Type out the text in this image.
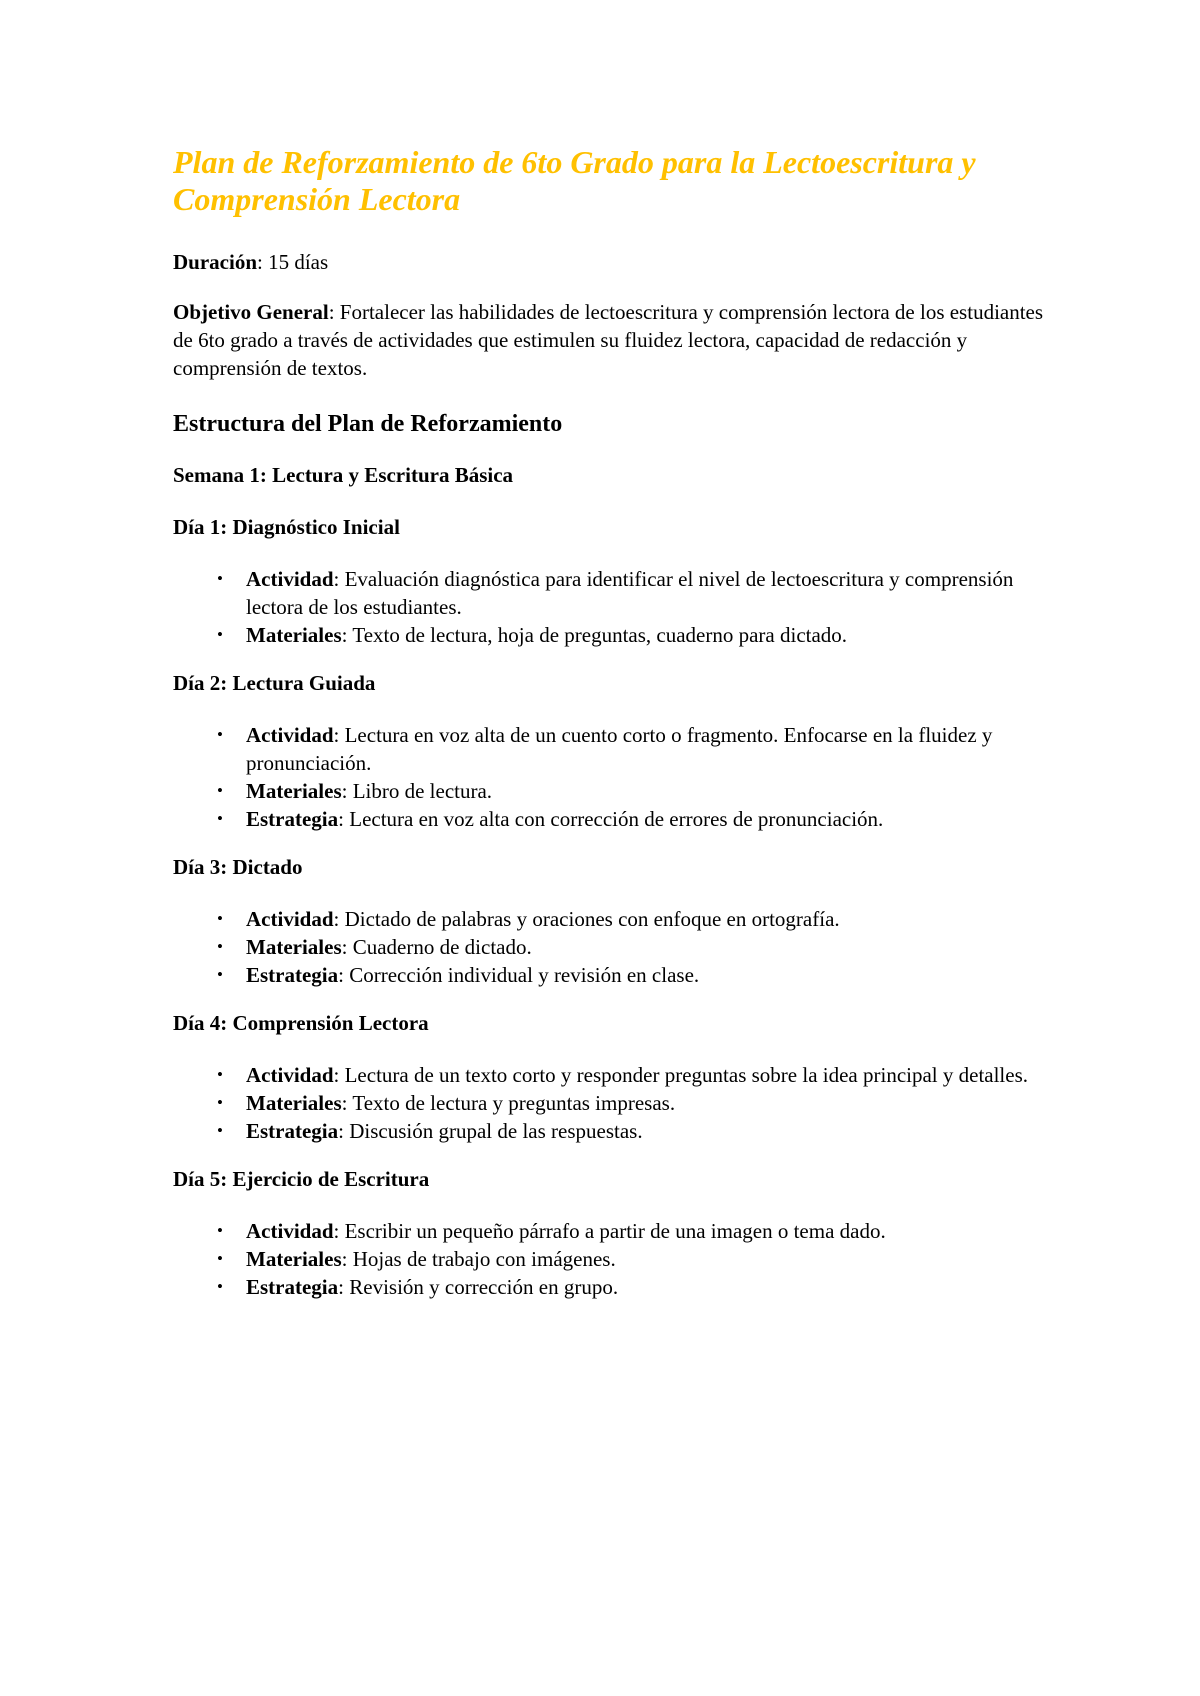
Plan de Reforzamiento de 6to Grado para la Lectoescritura y Comprensión Lectora

Duración: 15 días

Objetivo General: Fortalecer las habilidades de lectoescritura y comprensión lectora de los estudiantes de 6to grado a través de actividades que estimulen su fluidez lectora, capacidad de redacción y comprensión de textos.

Estructura del Plan de Reforzamiento
Semana 1: Lectura y Escritura Básica
Día 1: Diagnóstico Inicial
• Actividad: Evaluación diagnóstica para identificar el nivel de lectoescritura y comprensión lectora de los estudiantes.
• Materiales: Texto de lectura, hoja de preguntas, cuaderno para dictado.
Día 2: Lectura Guiada
• Actividad: Lectura en voz alta de un cuento corto o fragmento. Enfocarse en la fluidez y pronunciación.
• Materiales: Libro de lectura.
• Estrategia: Lectura en voz alta con corrección de errores de pronunciación.
Día 3: Dictado
• Actividad: Dictado de palabras y oraciones con enfoque en ortografía.
• Materiales: Cuaderno de dictado.
• Estrategia: Corrección individual y revisión en clase.
Día 4: Comprensión Lectora
• Actividad: Lectura de un texto corto y responder preguntas sobre la idea principal y detalles.
• Materiales: Texto de lectura y preguntas impresas.
• Estrategia: Discusión grupal de las respuestas.
Día 5: Ejercicio de Escritura
• Actividad: Escribir un pequeño párrafo a partir de una imagen o tema dado.
• Materiales: Hojas de trabajo con imágenes.
• Estrategia: Revisión y corrección en grupo.
